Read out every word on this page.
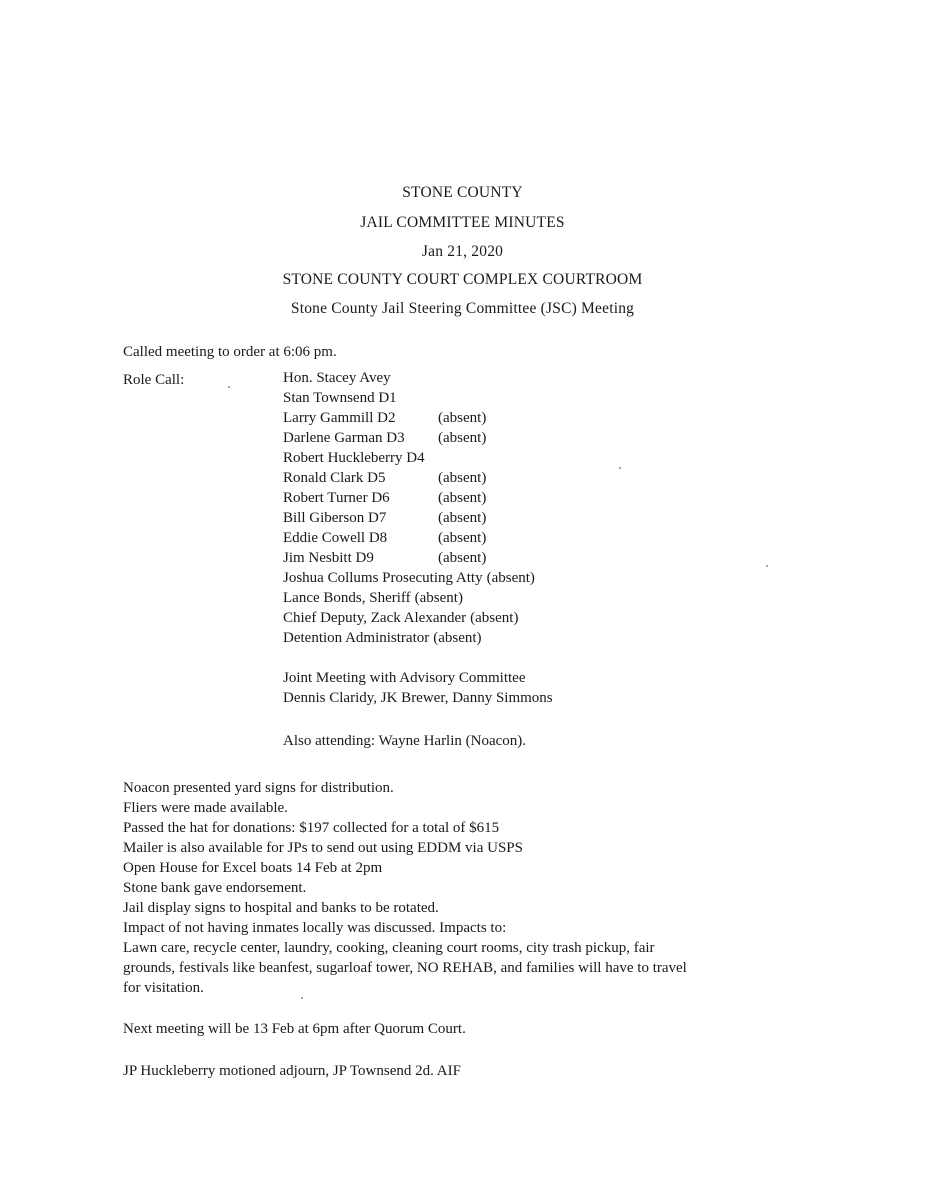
STONE COUNTY
JAIL COMMITTEE MINUTES
Jan 21, 2020
STONE COUNTY COURT COMPLEX COURTROOM
Stone County Jail Steering Committee (JSC) Meeting
Called meeting to order at 6:06 pm.
Role Call:	Hon. Stacey Avey
Stan Townsend D1
Larry Gammill D2	(absent)
Darlene Garman D3 (absent)
Robert Huckleberry D4
Ronald Clark D5	(absent)
Robert Turner D6	(absent)
Bill Giberson D7	(absent)
Eddie Cowell D8	(absent)
Jim Nesbitt D9	(absent)
Joshua Collums Prosecuting Atty (absent)
Lance Bonds, Sheriff (absent)
Chief Deputy, Zack Alexander (absent)
Detention Administrator (absent)
Joint Meeting with Advisory Committee
Dennis Claridy, JK Brewer, Danny Simmons
Also attending: Wayne Harlin (Noacon).
Noacon presented yard signs for distribution.
Fliers were made available.
Passed the hat for donations: $197 collected for a total of $615
Mailer is also available for JPs to send out using EDDM via USPS
Open House for Excel boats 14 Feb at 2pm
Stone bank gave endorsement.
Jail display signs to hospital and banks to be rotated.
Impact of not having inmates locally was discussed. Impacts to:
Lawn care, recycle center, laundry, cooking, cleaning court rooms, city trash pickup, fair
grounds, festivals like beanfest, sugarloaf tower, NO REHAB, and families will have to travel
for visitation.
Next meeting will be 13 Feb at 6pm after Quorum Court.
JP Huckleberry motioned adjourn, JP Townsend 2d. AIF
